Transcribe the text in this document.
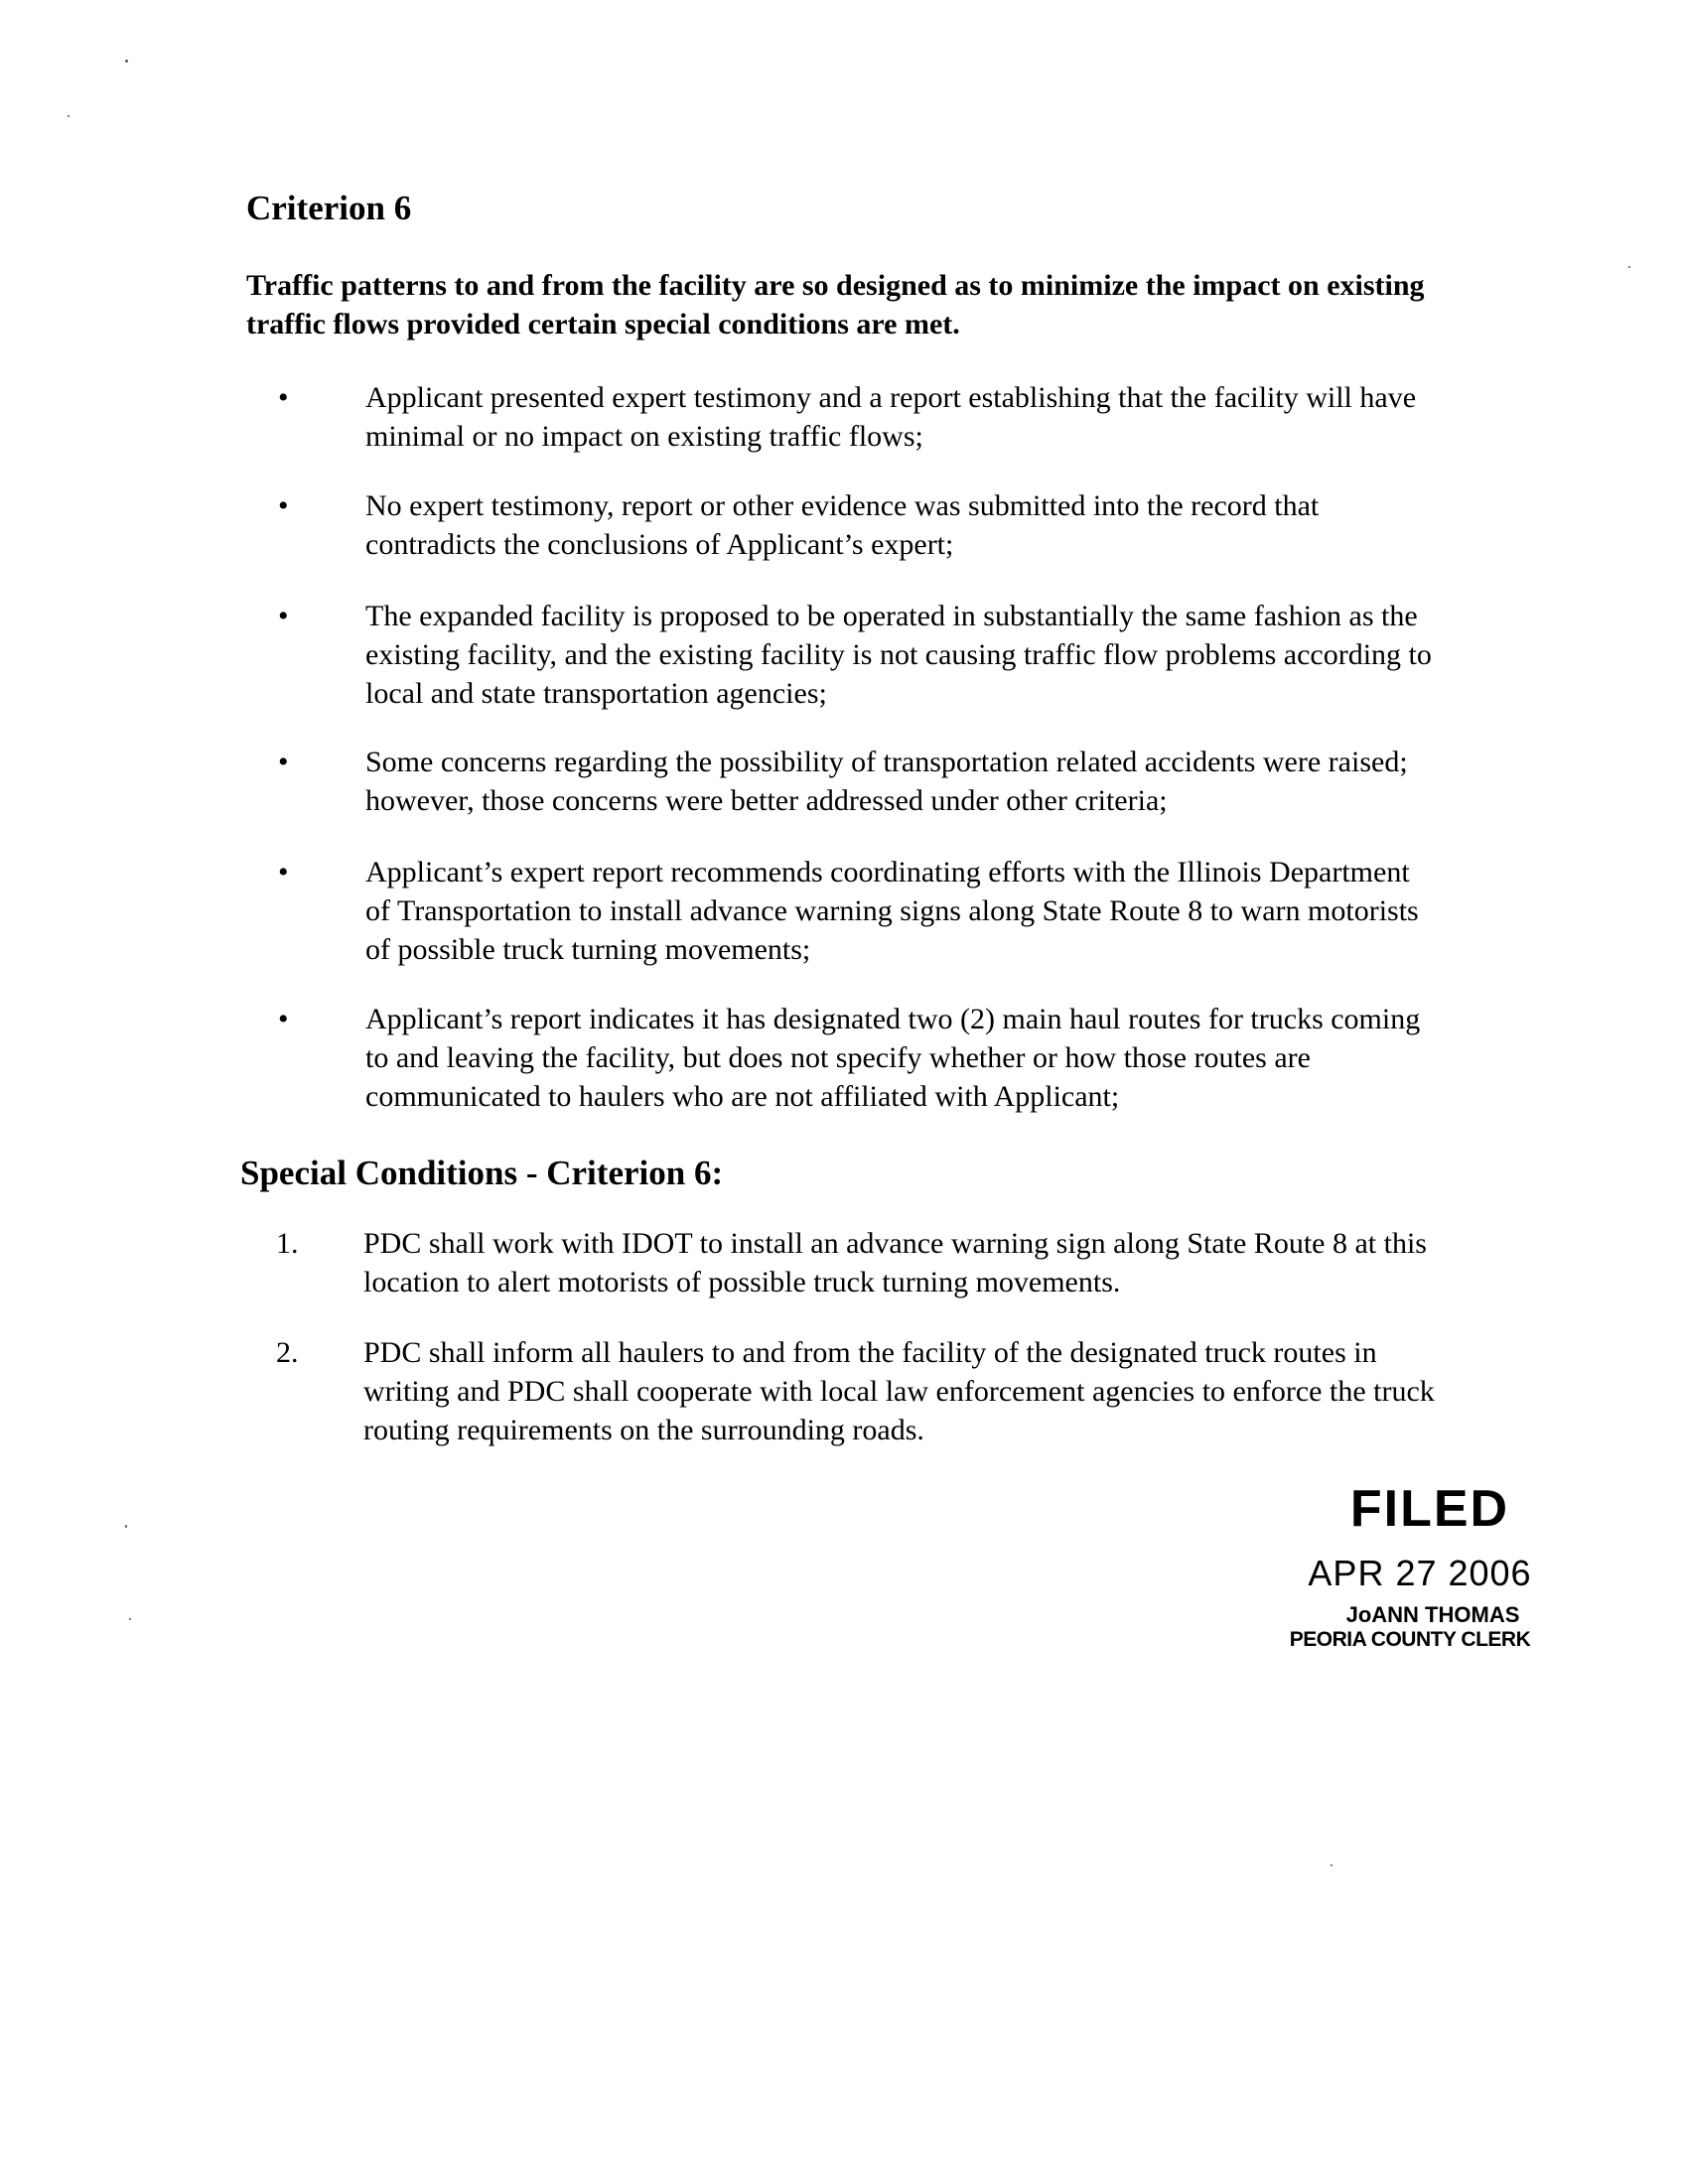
Criterion 6

Traffic patterns to and from the facility are so designed as to minimize the impact on existing traffic flows provided certain special conditions are met.

•	Applicant presented expert testimony and a report establishing that the facility will have minimal or no impact on existing traffic flows;
•	No expert testimony, report or other evidence was submitted into the record that contradicts the conclusions of Applicant’s expert;
•	The expanded facility is proposed to be operated in substantially the same fashion as the existing facility, and the existing facility is not causing traffic flow problems according to local and state transportation agencies;
•	Some concerns regarding the possibility of transportation related accidents were raised; however, those concerns were better addressed under other criteria;
•	Applicant’s expert report recommends coordinating efforts with the Illinois Department of Transportation to install advance warning signs along State Route 8 to warn motorists of possible truck turning movements;
•	Applicant’s report indicates it has designated two (2) main haul routes for trucks coming to and leaving the facility, but does not specify whether or how those routes are communicated to haulers who are not affiliated with Applicant;
Special Conditions - Criterion 6:
1.	PDC shall work with IDOT to install an advance warning sign along State Route 8 at this location to alert motorists of possible truck turning movements.
2.	PDC shall inform all haulers to and from the facility of the designated truck routes in writing and PDC shall cooperate with local law enforcement agencies to enforce the truck routing requirements on the surrounding roads.
FILED
APR 27 2006
JoANN THOMAS
PEORIA COUNTY CLERK
